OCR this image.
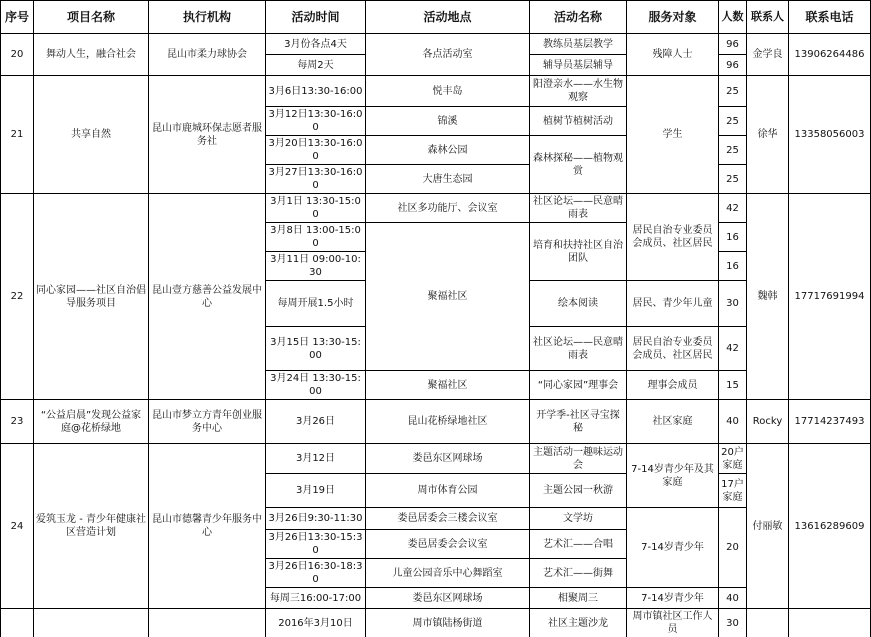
序号	项目名称	执行机构	活动时间	活动地点	活动名称	服务对象	人数	联系人	联系电话
20	舞动人生，融合社会	昆山市柔力球协会	3月份各点4天	各点活动室	教练员基层教学	残障人士	96	金学良	13906264486
			每周2天		辅导员基层辅导		96		
21	共享自然	昆山市鹿城环保志愿者服务社	3月6日13:30-16:00	悦丰岛	阳澄亲水——水生物观察	学生	25	徐华	13358056003
			3月12日13:30-16:00	锦溪	植树节植树活动		25		
			3月20日13:30-16:00	森林公园	森林探秘——植物观赏		25		
			3月27日13:30-16:00	大唐生态园			25		
22	同心家园——社区自治倡导服务项目	昆山壹方慈善公益发展中心	3月1日 13:30-15:00	社区多功能厅、会议室	社区论坛——民意晴雨表	居民自治专业委员会成员、社区居民	42	魏韩	17717691994
			3月8日 13:00-15:00	聚福社区	培育和扶持社区自治团队		16		
			3月11日 09:00-10:30				16		
			每周开展1.5小时		绘本阅读	居民、青少年儿童	30		
			3月15日 13:30-15:00		社区论坛——民意晴雨表	居民自治专业委员会成员、社区居民	42		
			3月24日 13:30-15:00	聚福社区	“同心家园”理事会	理事会成员	15		
23	“公益启晨”发现公益家庭@花桥绿地	昆山市梦立方青年创业服务中心	3月26日	昆山花桥绿地社区	开学季-社区寻宝探秘	社区家庭	40	Rocky	17714237493
24	爱筑玉龙 - 青少年健康社区营造计划	昆山市德馨青少年服务中心	3月12日	娄邑东区网球场	主题活动一趣味运动会	7-14岁青少年及其家庭	20户家庭	付丽敏	13616289609
			3月19日	周市体育公园	主题公园一秋游		17户家庭		
			3月26日9:30-11:30	娄邑居委会三楼会议室	文学坊	7-14岁青少年	20		
			3月26日13:30-15:30	娄邑居委会会议室	艺术汇——合唱				
			3月26日16:30-18:30	儿童公园音乐中心舞蹈室	艺术汇——街舞				
			每周三16:00-17:00	娄邑东区网球场	相聚周三	7-14岁青少年	40		
			2016年3月10日	周市镇陆杨街道	社区主题沙龙	周市镇社区工作人员	30		
